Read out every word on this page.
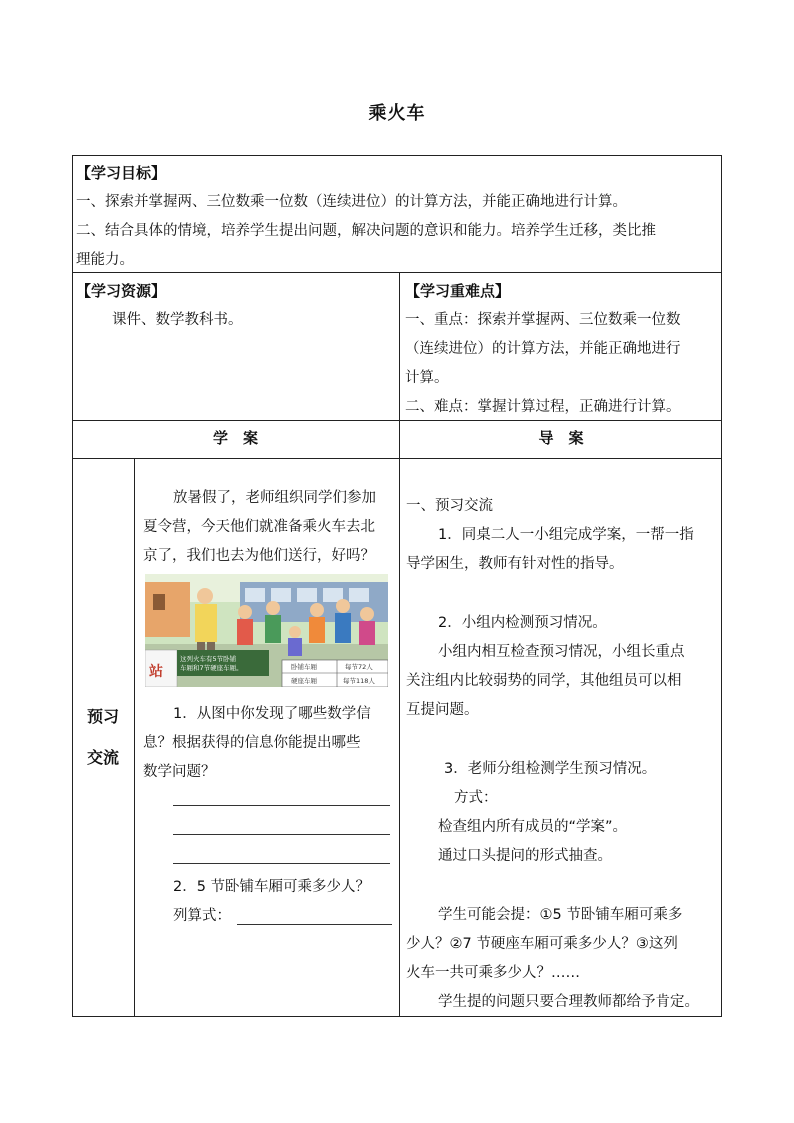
乘火车
【学习目标】
一、探索并掌握两、三位数乘一位数（连续进位）的计算方法，并能正确地进行计算。
二、结合具体的情境，培养学生提出问题，解决问题的意识和能力。培养学生迁移，类比推
理能力。
【学习资源】
课件、数学教科书。
【学习重难点】
一、重点：探索并掌握两、三位数乘一位数
（连续进位）的计算方法，并能正确地进行
计算。
二、难点：掌握计算过程，正确进行计算。
学　案	导　案
预习
交流
放暑假了，老师组织同学们参加
夏令营，今天他们就准备乘火车去北
京了，我们也去为他们送行，好吗？
站
这列火车有5节卧铺
车厢和7节硬座车厢。	卧铺车厢	每节72人
硬座车厢	每节118人
1．从图中你发现了哪些数学信
息？根据获得的信息你能提出哪些
数学问题？
2．5 节卧铺车厢可乘多少人？
列算式：
一、预习交流
1．同桌二人一小组完成学案，一帮一指
导学困生，教师有针对性的指导。
2．小组内检测预习情况。
小组内相互检查预习情况，小组长重点
关注组内比较弱势的同学，其他组员可以相
互提问题。
3．老师分组检测学生预习情况。
方式：
检查组内所有成员的“学案”。
通过口头提问的形式抽查。
学生可能会提：①5 节卧铺车厢可乘多
少人？②7 节硬座车厢可乘多少人？③这列
火车一共可乘多少人？……
学生提的问题只要合理教师都给予肯定。
